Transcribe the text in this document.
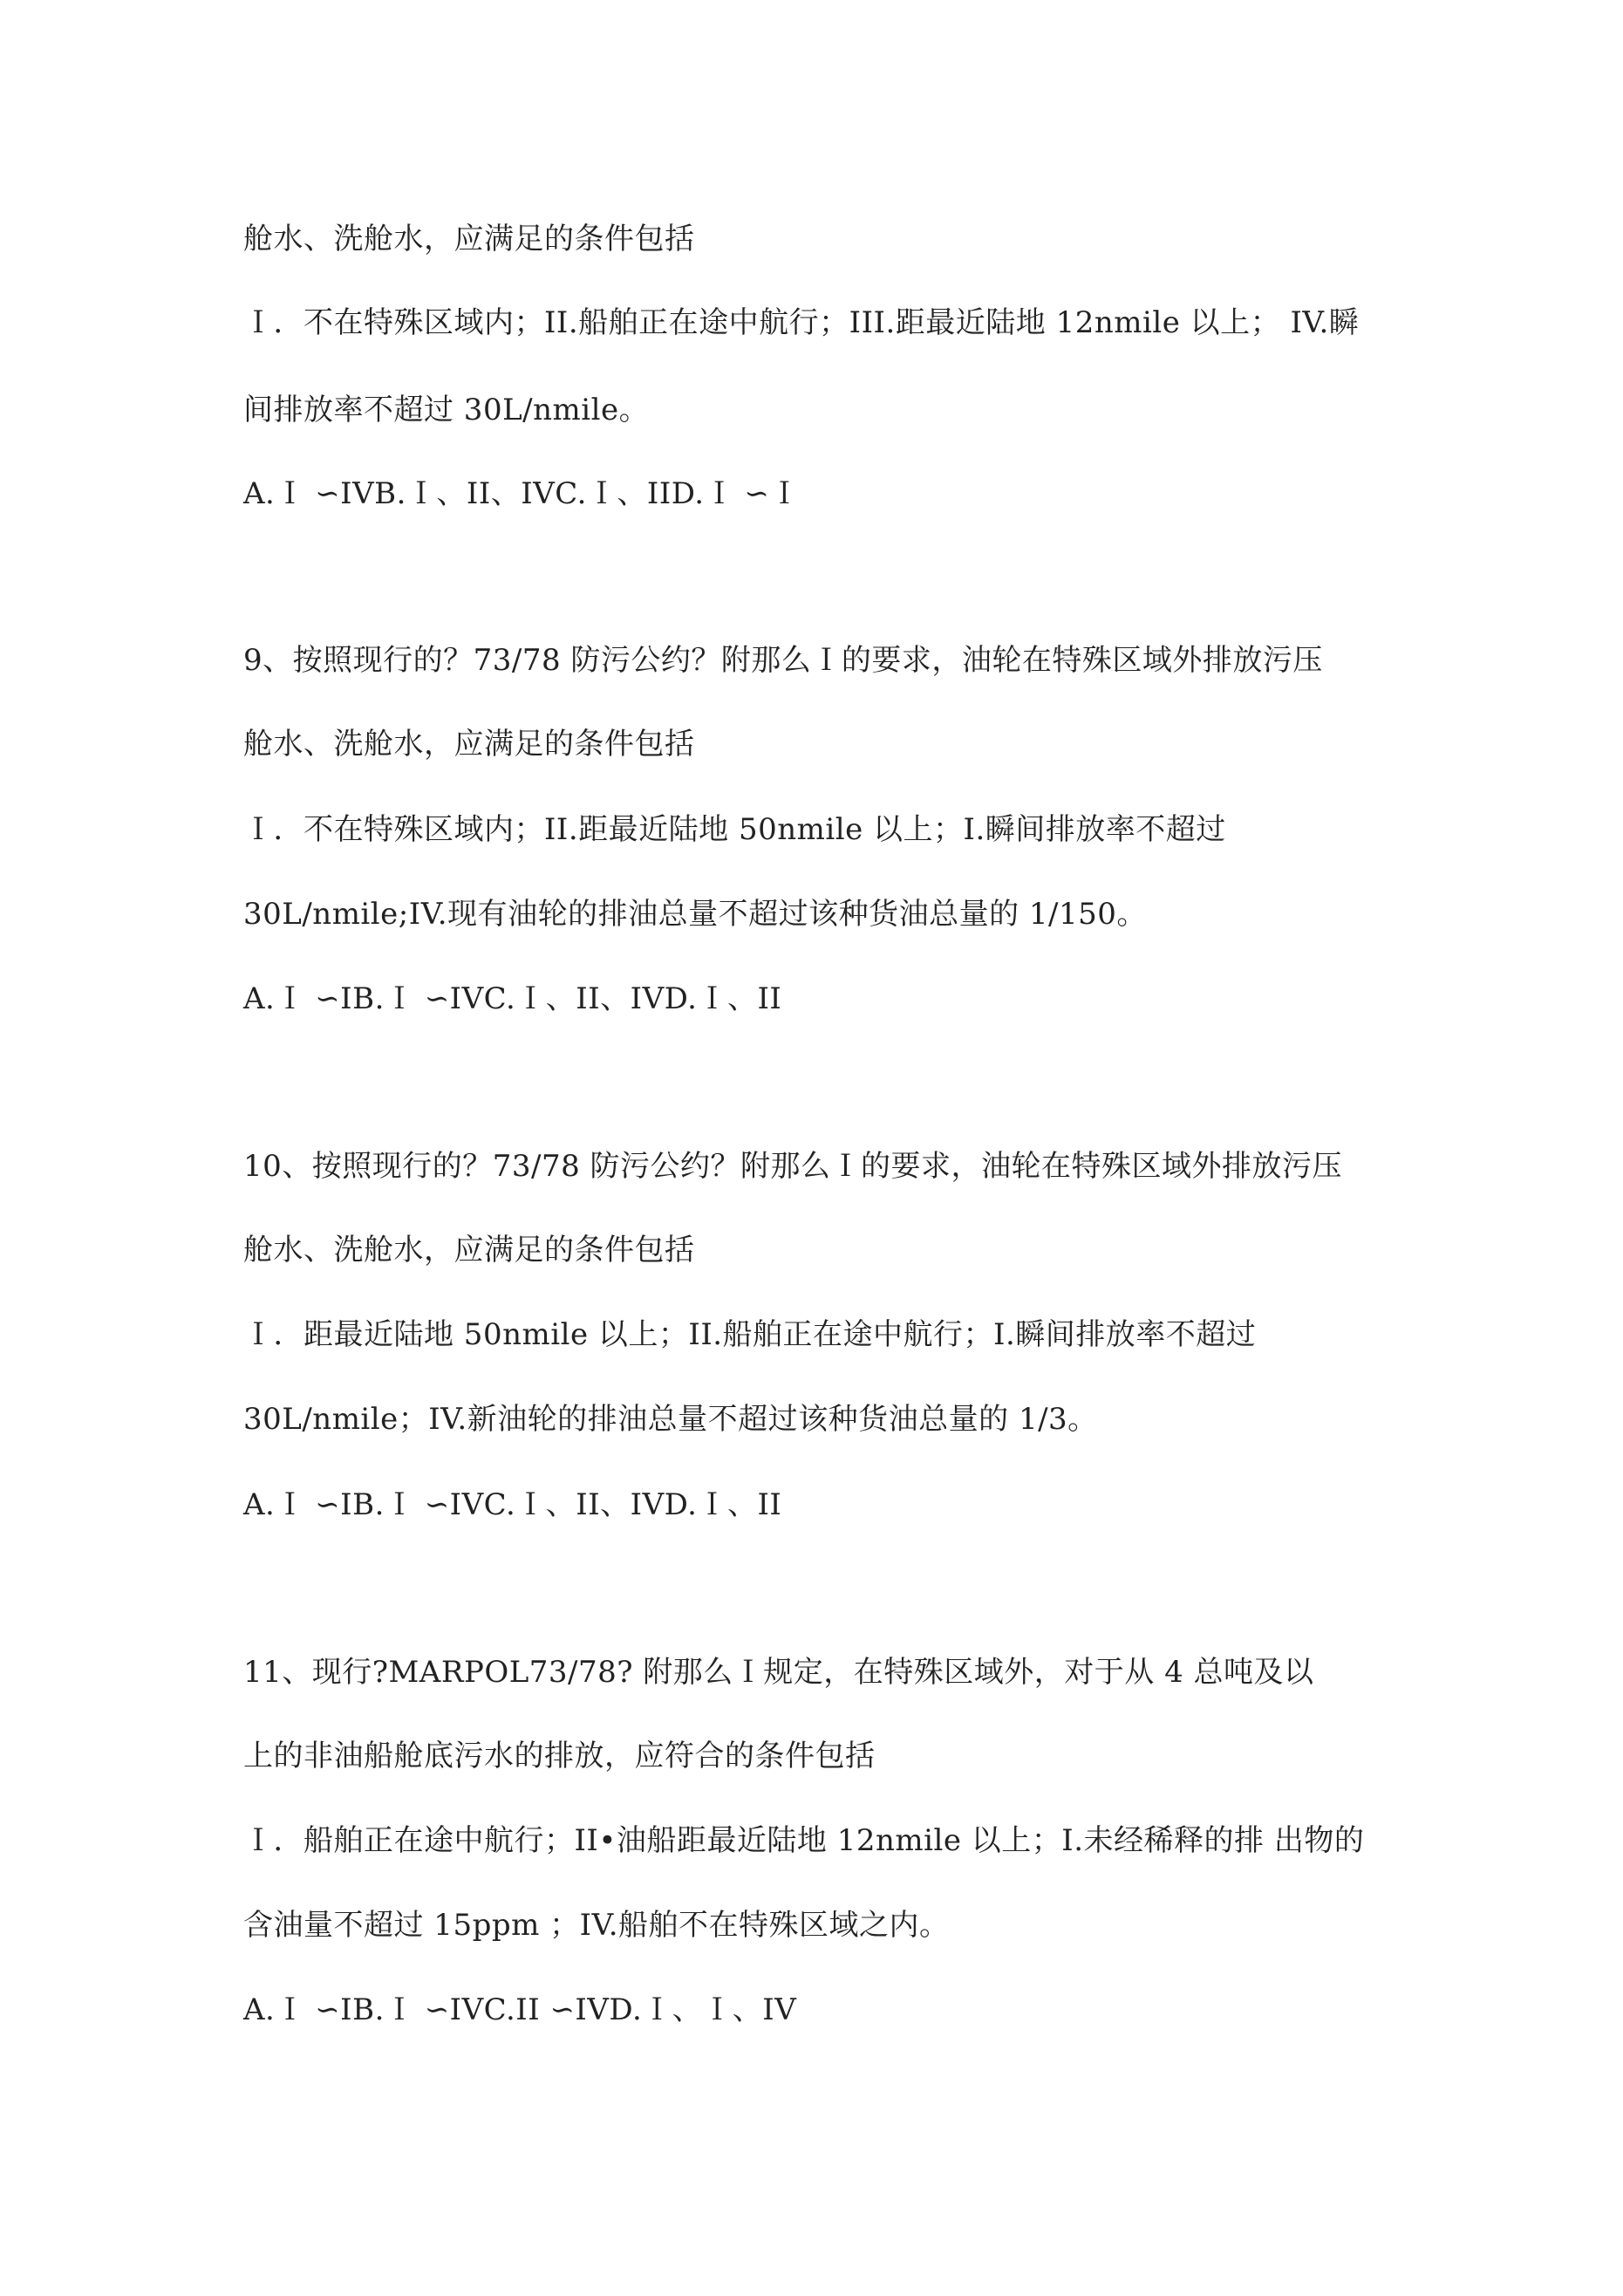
舱水、洗舱水，应满足的条件包括

Ｉ．不在特殊区域内；II.船舶正在途中航行；III.距最近陆地 12nmile 以上； IV.瞬

间排放率不超过 30L/nmile。

A.Ｉ ∽IVB.Ｉ、II、IVC.Ｉ、IID.Ｉ ∽Ｉ

9、按照现行的？73/78 防污公约？附那么Ｉ的要求，油轮在特殊区域外排放污压

舱水、洗舱水，应满足的条件包括

Ｉ．不在特殊区域内；II.距最近陆地 50nmile 以上；I.瞬间排放率不超过

30L/nmile;IV.现有油轮的排油总量不超过该种货油总量的 1/150。

A.Ｉ ∽IB.Ｉ ∽IVC.Ｉ、II、IVD.Ｉ、II

10、按照现行的？73/78 防污公约？附那么Ｉ的要求，油轮在特殊区域外排放污压

舱水、洗舱水，应满足的条件包括

Ｉ．距最近陆地 50nmile 以上；II.船舶正在途中航行；I.瞬间排放率不超过

30L/nmile；IV.新油轮的排油总量不超过该种货油总量的 1/3。

A.Ｉ ∽IB.Ｉ ∽IVC.Ｉ、II、IVD.Ｉ、II

11、现行?MARPOL73/78? 附那么Ｉ规定，在特殊区域外，对于从 4 总吨及以

上的非油船舱底污水的排放，应符合的条件包括

Ｉ．船舶正在途中航行；II•油船距最近陆地 12nmile 以上；I.未经稀释的排 出物的

含油量不超过 15ppm ；IV.船舶不在特殊区域之内。

A.Ｉ ∽IB.Ｉ ∽IVC.II ∽IVD.Ｉ、Ｉ、IV
